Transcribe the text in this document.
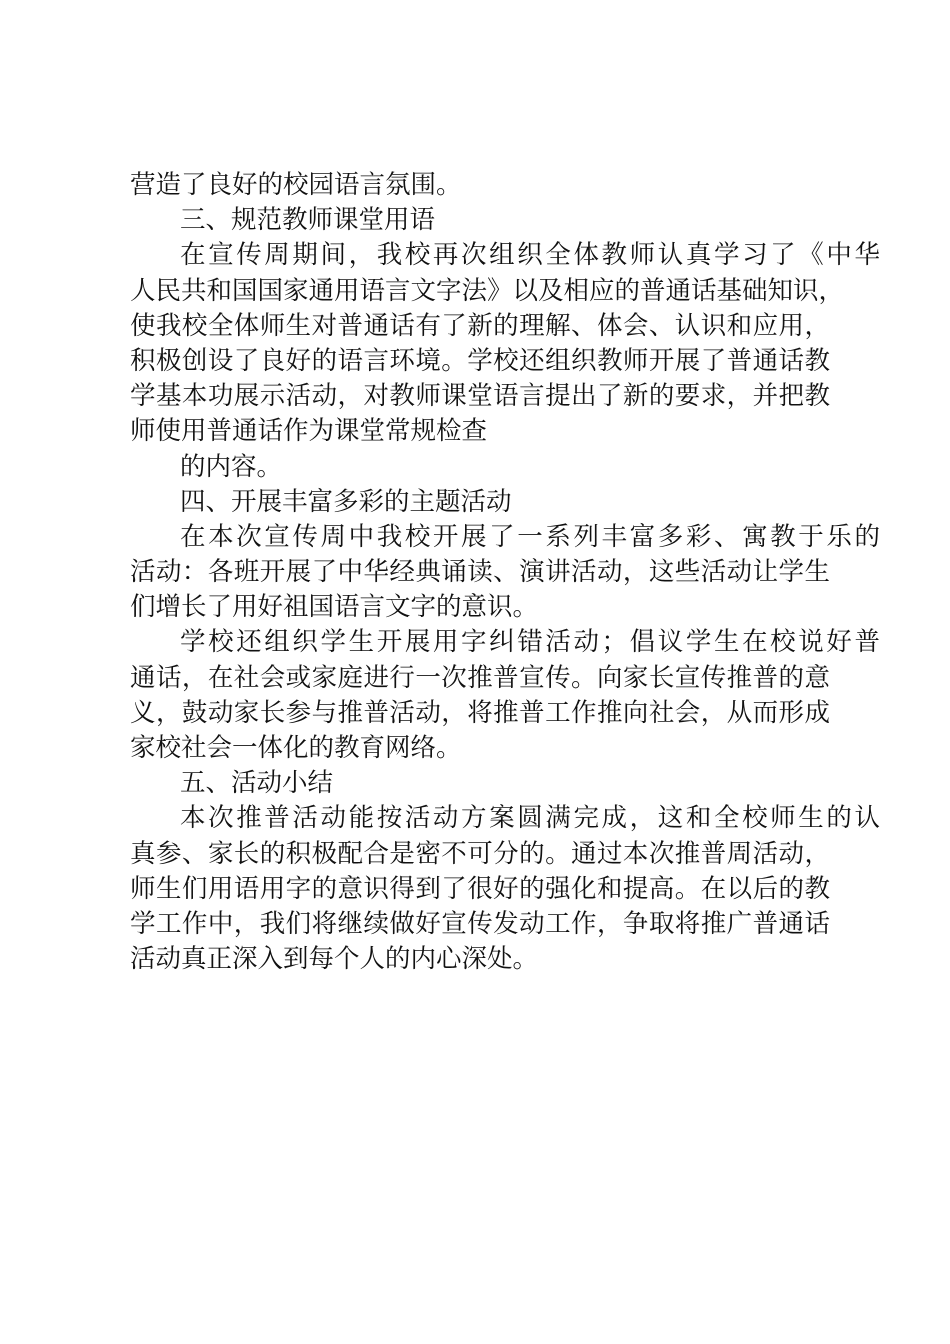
营造了良好的校园语言氛围。
三、规范教师课堂用语
在宣传周期间，我校再次组织全体教师认真学习了《中华
人民共和国国家通用语言文字法》以及相应的普通话基础知识，
使我校全体师生对普通话有了新的理解、体会、认识和应用，
积极创设了良好的语言环境。学校还组织教师开展了普通话教
学基本功展示活动，对教师课堂语言提出了新的要求，并把教
师使用普通话作为课堂常规检查
的内容。
四、开展丰富多彩的主题活动
在本次宣传周中我校开展了一系列丰富多彩、寓教于乐的
活动：各班开展了中华经典诵读、演讲活动，这些活动让学生
们增长了用好祖国语言文字的意识。
学校还组织学生开展用字纠错活动；倡议学生在校说好普
通话，在社会或家庭进行一次推普宣传。向家长宣传推普的意
义，鼓动家长参与推普活动，将推普工作推向社会，从而形成
家校社会一体化的教育网络。
五、活动小结
本次推普活动能按活动方案圆满完成，这和全校师生的认
真参、家长的积极配合是密不可分的。通过本次推普周活动，
师生们用语用字的意识得到了很好的强化和提高。在以后的教
学工作中，我们将继续做好宣传发动工作，争取将推广普通话
活动真正深入到每个人的内心深处。
